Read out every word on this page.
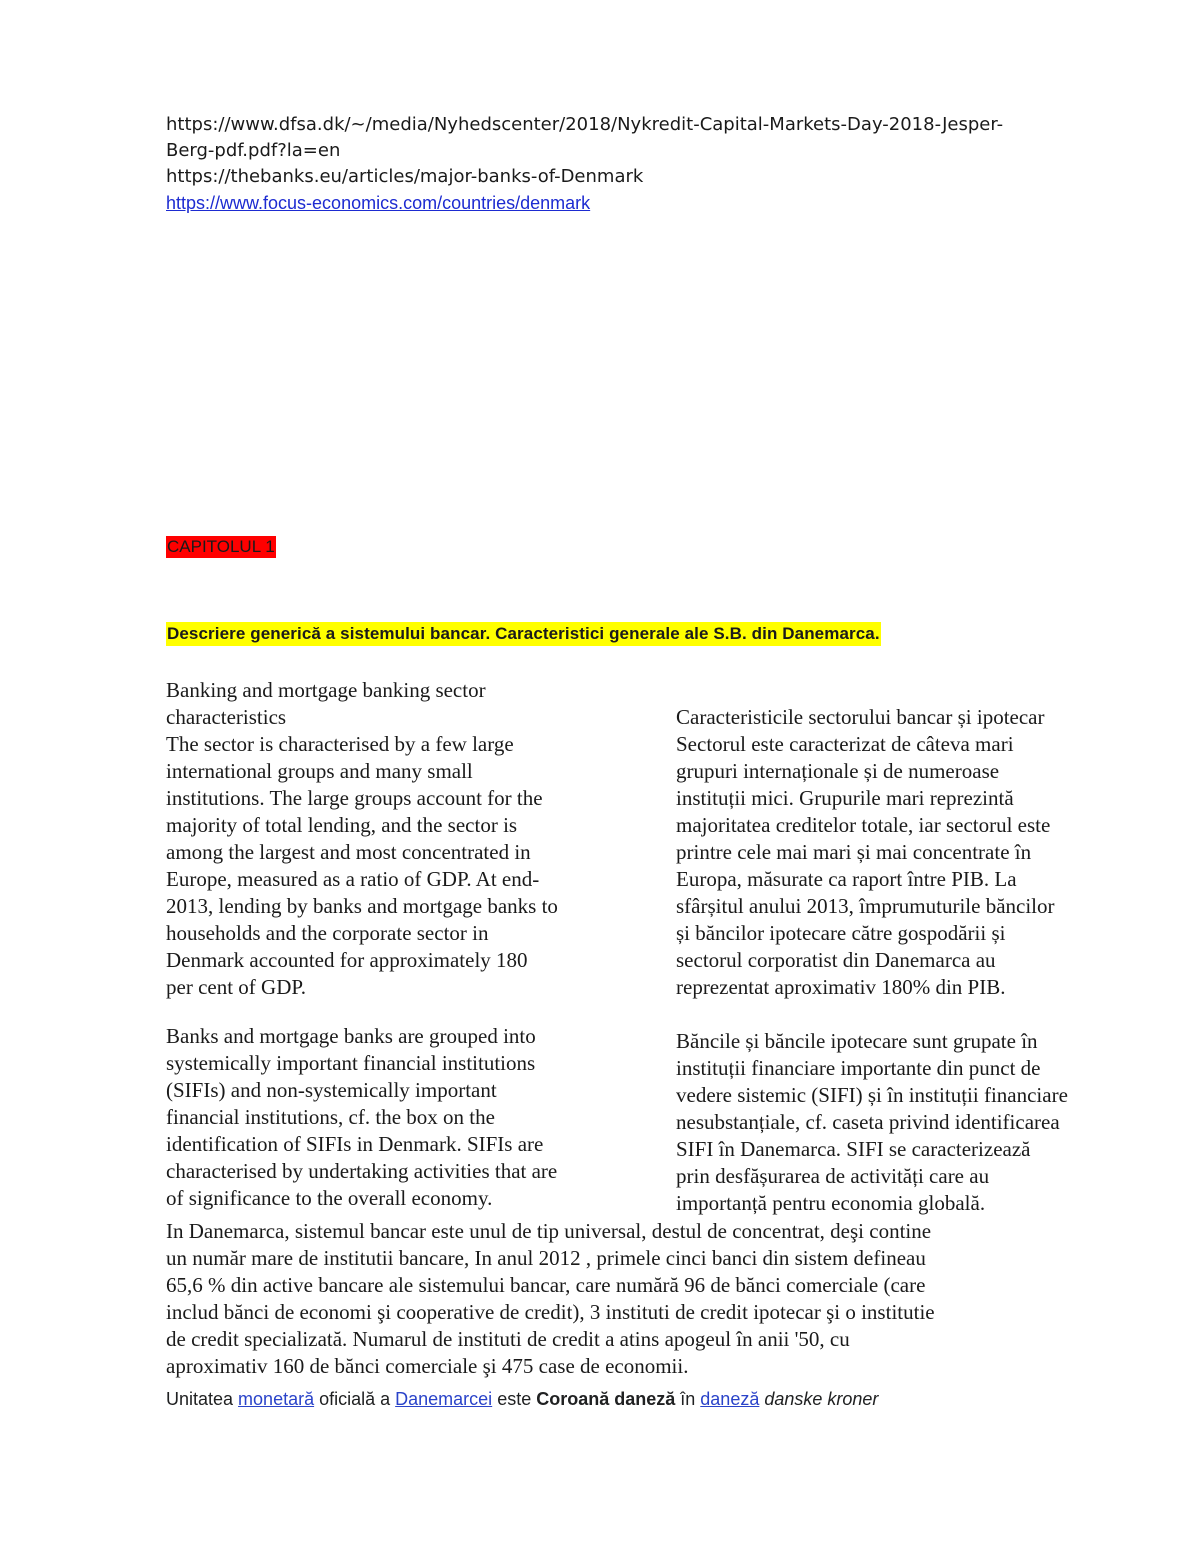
https://www.dfsa.dk/~/media/Nyhedscenter/2018/Nykredit-Capital-Markets-Day-2018-Jesper-
Berg-pdf.pdf?la=en
https://thebanks.eu/articles/major-banks-of-Denmark
https://www.focus-economics.com/countries/denmark
CAPITOLUL 1
Descriere generică a sistemului bancar. Caracteristici generale ale S.B. din Danemarca.

Banking and mortgage banking sector
characteristics
The sector is characterised by a few large
international groups and many small
institutions. The large groups account for the
majority of total lending, and the sector is
among the largest and most concentrated in
Europe, measured as a ratio of GDP. At end-
2013, lending by banks and mortgage banks to
households and the corporate sector in
Denmark accounted for approximately 180
per cent of GDP.

Banks and mortgage banks are grouped into
systemically important financial institutions
(SIFIs) and non-systemically important
financial institutions, cf. the box on the
identification of SIFIs in Denmark. SIFIs are
characterised by undertaking activities that are
of significance to the overall economy.

Caracteristicile sectorului bancar și ipotecar
Sectorul este caracterizat de câteva mari
grupuri internaționale și de numeroase
instituții mici. Grupurile mari reprezintă
majoritatea creditelor totale, iar sectorul este
printre cele mai mari și mai concentrate în
Europa, măsurate ca raport între PIB. La
sfârșitul anului 2013, împrumuturile băncilor
și băncilor ipotecare către gospodării și
sectorul corporatist din Danemarca au
reprezentat aproximativ 180% din PIB.

Băncile și băncile ipotecare sunt grupate în
instituții financiare importante din punct de
vedere sistemic (SIFI) și în instituții financiare
nesubstanțiale, cf. caseta privind identificarea
SIFI în Danemarca. SIFI se caracterizează
prin desfășurarea de activități care au
importanță pentru economia globală.

In Danemarca, sistemul bancar este unul de tip universal, destul de concentrat, deşi contine
un număr mare de institutii bancare, In anul 2012 , primele cinci banci din sistem defineau
65,6 % din active bancare ale sistemului bancar, care numără 96 de bănci comerciale (care
includ bănci de economi şi cooperative de credit), 3 instituti de credit ipotecar şi o institutie
de credit specializată. Numarul de instituti de credit a atins apogeul în anii '50, cu
aproximativ 160 de bănci comerciale şi 475 case de economii.
Unitatea monetară oficială a Danemarcei este Coroană daneză în daneză danske kroner
